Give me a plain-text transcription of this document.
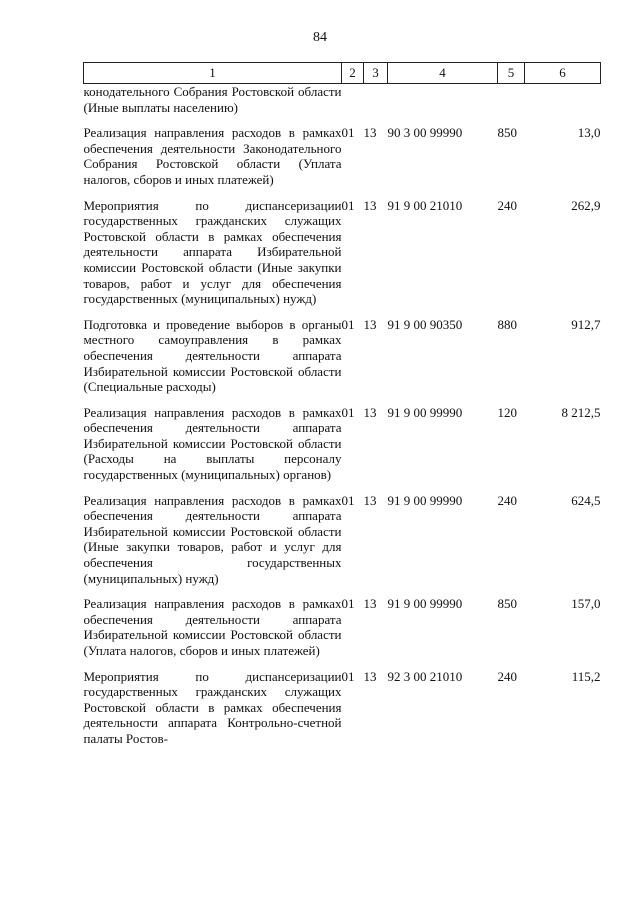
84
1	2	3	4	5	6
конодательного Собрания Ростовской области (Иные выплаты населению)					
Реализация направления расходов в рамках обеспечения деятельности Законодательного Собрания Ростовской области (Уплата налогов, сборов и иных платежей)	01	13	90 3 00 99990	850	13,0
Мероприятия по диспансеризации государственных гражданских служащих Ростовской области в рамках обеспечения деятельности аппарата Избирательной комиссии Ростовской области (Иные закупки товаров, работ и услуг для обеспечения государственных (муниципальных) нужд)	01	13	91 9 00 21010	240	262,9
Подготовка и проведение выборов в органы местного самоуправления в рамках обеспечения деятельности аппарата Избирательной комиссии Ростовской области (Специальные расходы)	01	13	91 9 00 90350	880	912,7
Реализация направления расходов в рамках обеспечения деятельности аппарата Избирательной комиссии Ростовской области (Расходы на выплаты персоналу государственных (муниципальных) органов)	01	13	91 9 00 99990	120	8 212,5
Реализация направления расходов в рамках обеспечения деятельности аппарата Избирательной комиссии Ростовской области (Иные закупки товаров, работ и услуг для обеспечения государственных (муниципальных) нужд)	01	13	91 9 00 99990	240	624,5
Реализация направления расходов в рамках обеспечения деятельности аппарата Избирательной комиссии Ростовской области (Уплата налогов, сборов и иных платежей)	01	13	91 9 00 99990	850	157,0
Мероприятия по диспансеризации государственных гражданских служащих Ростовской области в рамках обеспечения деятельности аппарата Контрольно-счетной палаты Ростов-	01	13	92 3 00 21010	240	115,2
